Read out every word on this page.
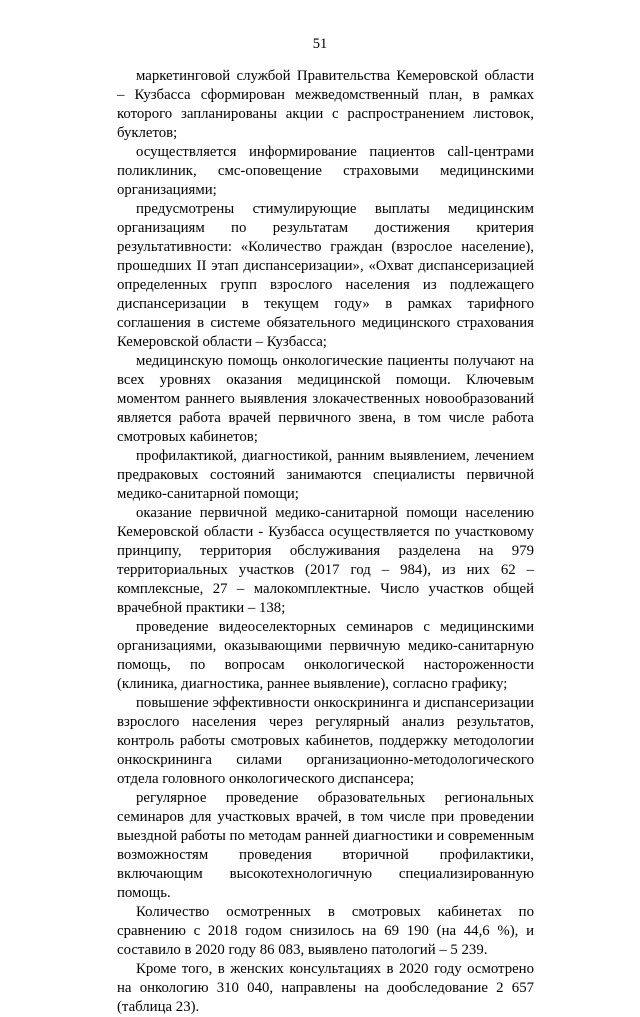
51

маркетинговой службой Правительства Кемеровской области – Кузбасса сформирован межведомственный план, в рамках которого запланированы акции с распространением листовок, буклетов;

осуществляется информирование пациентов call-центрами поликлиник, смс-оповещение страховыми медицинскими организациями;

предусмотрены стимулирующие выплаты медицинским организациям по результатам достижения критерия результативности: «Количество граждан (взрослое население), прошедших II этап диспансеризации», «Охват диспансеризацией определенных групп взрослого населения из подлежащего диспансеризации в текущем году» в рамках тарифного соглашения в системе обязательного медицинского страхования Кемеровской области – Кузбасса;

медицинскую помощь онкологические пациенты получают на всех уровнях оказания медицинской помощи. Ключевым моментом раннего выявления злокачественных новообразований является работа врачей первичного звена, в том числе работа смотровых кабинетов;

профилактикой, диагностикой, ранним выявлением, лечением предраковых состояний занимаются специалисты первичной медико-санитарной помощи;

оказание первичной медико-санитарной помощи населению Кемеровской области - Кузбасса осуществляется по участковому принципу, территория обслуживания разделена на 979 территориальных участков (2017 год – 984), из них 62 – комплексные, 27 – малокомплектные. Число участков общей врачебной практики – 138;

проведение видеоселекторных семинаров с медицинскими организациями, оказывающими первичную медико-санитарную помощь, по вопросам онкологической настороженности (клиника, диагностика, раннее выявление), согласно графику;

повышение эффективности онкоскрининга и диспансеризации взрослого населения через регулярный анализ результатов, контроль работы смотровых кабинетов, поддержку методологии онкоскрининга силами организационно-методологического отдела головного онкологического диспансера;

регулярное проведение образовательных региональных семинаров для участковых врачей, в том числе при проведении выездной работы по методам ранней диагностики и современным возможностям проведения вторичной профилактики, включающим высокотехнологичную специализированную помощь.

Количество осмотренных в смотровых кабинетах по сравнению с 2018 годом снизилось на 69 190 (на 44,6 %), и составило в 2020 году 86 083, выявлено патологий – 5 239.

Кроме того, в женских консультациях в 2020 году осмотрено на онкологию 310 040, направлены на дообследование 2 657 (таблица 23).
